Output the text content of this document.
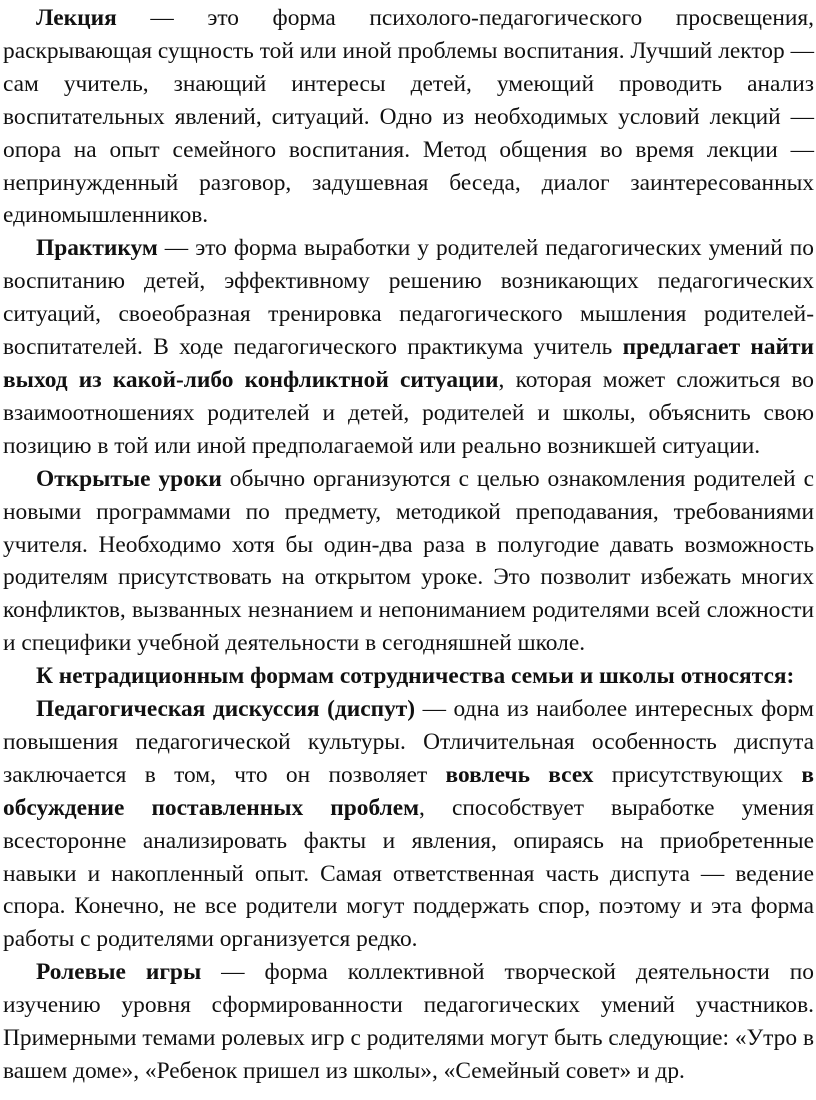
Лекция — это форма психолого-педагогического просвещения, раскрывающая сущность той или иной проблемы воспитания. Лучший лектор — сам учитель, знающий интересы детей, умеющий проводить анализ воспитательных явлений, ситуаций. Одно из необходимых условий лекций — опора на опыт семейного воспитания. Метод общения во время лекции — непринужденный разговор, задушевная беседа, диалог заинтересованных единомышленников.

Практикум — это форма выработки у родителей педагогических умений по воспитанию детей, эффективному решению возникающих педагогических ситуаций, своеобразная тренировка педагогического мышления родителей-воспитателей. В ходе педагогического практикума учитель предлагает найти выход из какой-либо конфликтной ситуации, которая может сложиться во взаимоотношениях родителей и детей, родителей и школы, объяснить свою позицию в той или иной предполагаемой или реально возникшей ситуации.

Открытые уроки обычно организуются с целью ознакомления родителей с новыми программами по предмету, методикой преподавания, требованиями учителя. Необходимо хотя бы один-два раза в полугодие давать возможность родителям присутствовать на открытом уроке. Это позволит избежать многих конфликтов, вызванных незнанием и непониманием родителями всей сложности и специфики учебной деятельности в сегодняшней школе.

К нетрадиционным формам сотрудничества семьи и школы относятся:

Педагогическая дискуссия (диспут) — одна из наиболее интересных форм повышения педагогической культуры. Отличительная особенность диспута заключается в том, что он позволяет вовлечь всех присутствующих в обсуждение поставленных проблем, способствует выработке умения всесторонне анализировать факты и явления, опираясь на приобретенные навыки и накопленный опыт. Самая ответственная часть диспута — ведение спора. Конечно, не все родители могут поддержать спор, поэтому и эта форма работы с родителями организуется редко.

Ролевые игры — форма коллективной творческой деятельности по изучению уровня сформированности педагогических умений участников. Примерными темами ролевых игр с родителями могут быть следующие: «Утро в вашем доме», «Ребенок пришел из школы», «Семейный совет» и др.
